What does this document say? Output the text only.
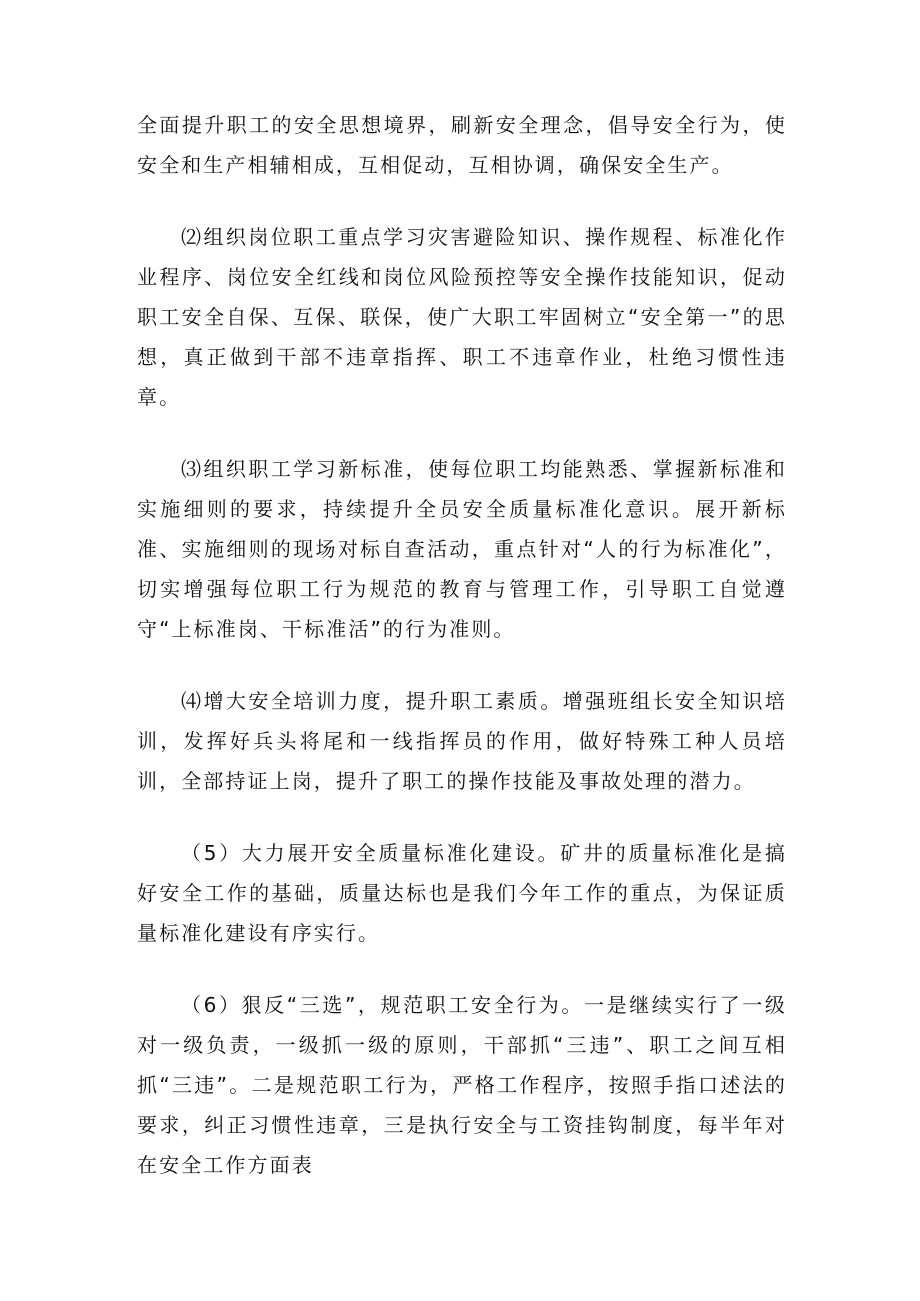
全面提升职工的安全思想境界，刷新安全理念，倡导安全行为，使安全和生产相辅相成，互相促动，互相协调，确保安全生产。

⑵组织岗位职工重点学习灾害避险知识、操作规程、标准化作业程序、岗位安全红线和岗位风险预控等安全操作技能知识，促动职工安全自保、互保、联保，使广大职工牢固树立“安全第一”的思想，真正做到干部不违章指挥、职工不违章作业，杜绝习惯性违章。

⑶组织职工学习新标准，使每位职工均能熟悉、掌握新标准和实施细则的要求，持续提升全员安全质量标准化意识。展开新标准、实施细则的现场对标自查活动，重点针对“人的行为标准化”，切实增强每位职工行为规范的教育与管理工作，引导职工自觉遵守“上标准岗、干标准活”的行为准则。

⑷增大安全培训力度，提升职工素质。增强班组长安全知识培训，发挥好兵头将尾和一线指挥员的作用，做好特殊工种人员培训，全部持证上岗，提升了职工的操作技能及事故处理的潜力。

（5）大力展开安全质量标准化建设。矿井的质量标准化是搞好安全工作的基础，质量达标也是我们今年工作的重点，为保证质量标准化建设有序实行。

（6）狠反“三选”，规范职工安全行为。一是继续实行了一级对一级负责，一级抓一级的原则，干部抓“三违”、职工之间互相抓“三违”。二是规范职工行为，严格工作程序，按照手指口述法的要求，纠正习惯性违章，三是执行安全与工资挂钩制度，每半年对在安全工作方面表
